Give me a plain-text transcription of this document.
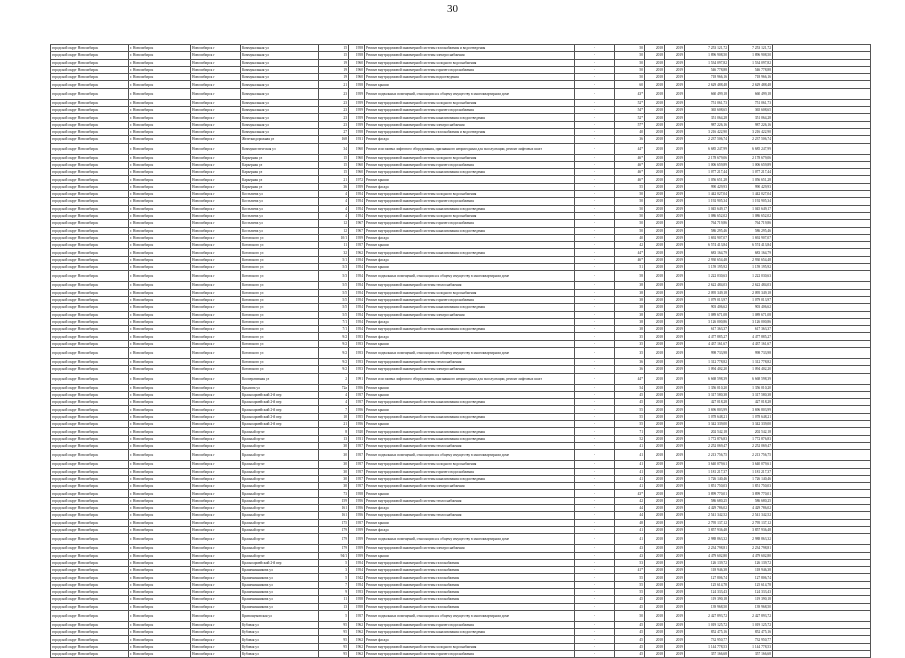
30
городской округ Новосибирск	г. Новосибирск	Новосибирск г	Коммунальная ул	15	1958	Ремонт внутридомовой инженерной системы газоснабжения и водоотведения	-	50	2018	2019	7 253 121,72	7 253 121,72	
городской округ Новосибирск	г. Новосибирск	Новосибирск г	Коммунальная ул	15	1958	Ремонт внутридомовой инженерной системы электроснабжения	-	50	2018	2019	1 896 908,50	1 896 908,50	
городской округ Новосибирск	г. Новосибирск	Новосибирск г	Коммунальная ул	19	1960	Ремонт внутридомовой инженерной системы холодного водоснабжения	-	50	2018	2019	1 534 097,82	1 534 097,82	
городской округ Новосибирск	г. Новосибирск	Новосибирск г	Коммунальная ул	19	1960	Ремонт внутридомовой инженерной системы горячего водоснабжения	-	50	2018	2019	546 778,88	546 778,88	
городской округ Новосибирск	г. Новосибирск	Новосибирск г	Коммунальная ул	19	1960	Ремонт внутридомовой инженерной системы водоотведения	-	50	2018	2019	718 966,16	718 966,16	
городской округ Новосибирск	г. Новосибирск	Новосибирск г	Коммунальная ул	21	1958	Ремонт крыши	-	60	2018	2019	2 629 488,48	2 629 488,48	
городской округ Новосибирск	г. Новосибирск	Новосибирск г	Коммунальная ул	23	1959	Ремонт подвальных помещений, относящихся к общему имуществу в многоквартирном доме	-	43*	2018	2019	660 499,18	660 499,18	
городской округ Новосибирск	г. Новосибирск	Новосибирск г	Коммунальная ул	23	1959	Ремонт внутридомовой инженерной системы холодного водоснабжения	-	52*	2018	2019	751 061,73	751 061,73	
городской округ Новосибирск	г. Новосибирск	Новосибирск г	Коммунальная ул	23	1959	Ремонт внутридомовой инженерной системы горячего водоснабжения	-	54*	2018	2019	365 608,65	365 608,65	
городской округ Новосибирск	г. Новосибирск	Новосибирск г	Коммунальная ул	23	1959	Ремонт внутридомовой инженерной системы канализования и водоотведения	-	52*	2018	2019	351 064,28	351 064,28	
городской округ Новосибирск	г. Новосибирск	Новосибирск г	Коммунальная ул	23	1959	Ремонт внутридомовой инженерной системы электроснабжения	-	57*	2018	2019	987 226,16	987 226,16	
городской округ Новосибирск	г. Новосибирск	Новосибирск г	Коммунальная ул	27	1958	Ремонт внутридомовой инженерной системы газоснабжения и водоотведения	-	40	2018	2019	3 216 422,90	3 216 422,90	
городской округ Новосибирск	г. Новосибирск	Новосибирск г	Железнодорожная ул	168	1931	Ремонт фасада	-	36	2018	2019	2 237 506,74	2 237 506,74	
городской округ Новосибирск	г. Новосибирск	Новосибирск г	Коммунистическая ул	34	1960	Ремонт или замена лифтового оборудования, признанного непригодным для эксплуатации, ремонт лифтовых шахт	-	44*	2018	2019	6 685 247,99	6 685 247,99	
городской округ Новосибирск	г. Новосибирск	Новосибирск г	Карьерная ул	15	1960	Ремонт внутридомовой инженерной системы холодного водоснабжения	-	46*	2018	2019	2 178 679,06	2 178 679,06	
городской округ Новосибирск	г. Новосибирск	Новосибирск г	Карьерная ул	15	1960	Ремонт внутридомовой инженерной системы горячего водоснабжения	-	46*	2018	2019	1 006 659,89	1 006 659,89	
городской округ Новосибирск	г. Новосибирск	Новосибирск г	Карьерная ул	15	1960	Ремонт внутридомовой инженерной системы канализования и водоотведения	-	46*	2018	2019	1 077 217,44	1 077 217,44	
городской округ Новосибирск	г. Новосибирск	Новосибирск г	Карьерная ул	21	1972	Ремонт крыши	-	46*	2018	2019	1 056 651,28	1 056 651,28	
городской округ Новосибирск	г. Новосибирск	Новосибирск г	Карьерная ул	36	1959	Ремонт фасада	-	55	2018	2019	990 429,93	990 429,93	
городской округ Новосибирск	г. Новосибирск	Новосибирск г	Костычева ул	4	1954	Ремонт внутридомовой инженерной системы холодного водоснабжения	-	50	2018	2019	1 442 027,04	1 442 027,04	
городской округ Новосибирск	г. Новосибирск	Новосибирск г	Костычева ул	4	1954	Ремонт внутридомовой инженерной системы горячего водоснабжения	-	50	2018	2019	1 192 905,34	1 192 905,34	
городской округ Новосибирск	г. Новосибирск	Новосибирск г	Костычева ул	4	1954	Ремонт внутридомовой инженерной системы канализования и водоотведения	-	50	2018	2019	1 045 649,17	1 045 649,17	
городской округ Новосибирск	г. Новосибирск	Новосибирск г	Костычева ул	4	1954	Ремонт внутридомовой инженерной системы холодного водоснабжения	-	50	2018	2019	1 086 652,02	1 086 652,02	
городской округ Новосибирск	г. Новосибирск	Новосибирск г	Костычева ул	12	1967	Ремонт внутридомовой инженерной системы горячего водоснабжения	-	50	2018	2019	764 719,86	764 719,86	
городской округ Новосибирск	г. Новосибирск	Новосибирск г	Костычева ул	12	1967	Ремонт внутридомовой инженерной системы канализования и водоотведения	-	50	2018	2019	586 295,46	586 295,46	
городской округ Новосибирск	г. Новосибирск	Новосибирск г	Котовского ул	10/1	1959	Ремонт фасада	-	40	2018	2019	1 692 907,07	1 692 907,07	
городской округ Новосибирск	г. Новосибирск	Новосибирск г	Котовского ул	11	1957	Ремонт крыши	-	42	2018	2019	6 574 413,84	6 574 413,84	
городской округ Новосибирск	г. Новосибирск	Новосибирск г	Котовского ул	32	1962	Ремонт внутридомовой инженерной системы канализования и водоотведения	-	44*	2018	2019	683 164,79	683 164,79	
городской округ Новосибирск	г. Новосибирск	Новосибирск г	Котовского ул	5/1	1954	Ремонт фасада	-	46*	2018	2019	2 930 654,48	2 930 654,48	
городской округ Новосибирск	г. Новосибирск	Новосибирск г	Котовского ул	5/3	1954	Ремонт крыши	-	51	2018	2019	1 159 195,92	1 159 195,92	
городской округ Новосибирск	г. Новосибирск	Новосибирск г	Котовского ул	5/3	1954	Ремонт подвальных помещений, относящихся к общему имуществу в многоквартирном доме	-	58	2018	2019	1 222 030,63	1 222 030,63	
городской округ Новосибирск	г. Новосибирск	Новосибирск г	Котовского ул	5/5	1954	Ремонт внутридомовой инженерной системы теплоснабжения	-	38	2018	2019	2 622 484,03	2 622 484,03	
городской округ Новосибирск	г. Новосибирск	Новосибирск г	Котовского ул	5/5	1954	Ремонт внутридомовой инженерной системы холодного водоснабжения	-	38	2018	2019	2 095 349,18	2 095 349,18	
городской округ Новосибирск	г. Новосибирск	Новосибирск г	Котовского ул	5/5	1954	Ремонт внутридомовой инженерной системы горячего водоснабжения	-	38	2018	2019	1 079 013,97	1 079 013,97	
городской округ Новосибирск	г. Новосибирск	Новосибирск г	Котовского ул	5/5	1954	Ремонт внутридомовой инженерной системы канализования и водоотведения	-	38	2018	2019	903 406,62	903 406,62	
городской округ Новосибирск	г. Новосибирск	Новосибирск г	Котовского ул	5/5	1954	Ремонт внутридомовой инженерной системы электроснабжения	-	38	2018	2019	1 089 671,08	1 089 671,08	
городской округ Новосибирск	г. Новосибирск	Новосибирск г	Котовского ул	7/1	1954	Ремонт фасада	-	38	2018	2019	3 126 000,86	3 126 000,86	
городской округ Новосибирск	г. Новосибирск	Новосибирск г	Котовского ул	7/1	1954	Ремонт внутридомовой инженерной системы канализования и водоотведения	-	38	2018	2019	617 363,37	617 363,37	
городской округ Новосибирск	г. Новосибирск	Новосибирск г	Котовского ул	9/2	1953	Ремонт фасада	-	35	2018	2019	4 477 885,27	4 477 885,27	
городской округ Новосибирск	г. Новосибирск	Новосибирск г	Котовского ул	9/2	1953	Ремонт крыши	-	35	2018	2019	4 437 161,67	4 437 161,67	
городской округ Новосибирск	г. Новосибирск	Новосибирск г	Котовского ул	9/2	1953	Ремонт подвальных помещений, относящихся к общему имуществу в многоквартирном доме	-	35	2018	2019	998 733,98	998 733,98	
городской округ Новосибирск	г. Новосибирск	Новосибирск г	Котовского ул	9/2	1953	Ремонт внутридомовой инженерной системы теплоснабжения	-	36	2018	2019	1 312 778,82	1 312 778,82	
городской округ Новосибирск	г. Новосибирск	Новосибирск г	Котовского ул	9/2	1953	Ремонт внутридомовой инженерной системы электроснабжения	-	36	2018	2019	1 094 402,20	1 094 402,20	
городской округ Новосибирск	г. Новосибирск	Новосибирск г	Кооперативная ул	2	1991	Ремонт или замена лифтового оборудования, признанного непригодным для эксплуатации, ремонт лифтовых шахт	-	44*	2018	2019	6 668 598,39	6 668 598,39	
городской округ Новосибирск	г. Новосибирск	Новосибирск г	Крылова ул	72а	1956	Ремонт крыши	-	54	2018	2019	1 356 010,20	1 356 010,20	
городской округ Новосибирск	г. Новосибирск	Новосибирск г	Красноармейский 2-й пер	4	1957	Ремонт крыши	-	45	2018	2019	3 317 580,38	3 317 580,38	
городской округ Новосибирск	г. Новосибирск	Новосибирск г	Красноармейский 2-й пер	4	1957	Ремонт внутридомовой инженерной системы канализования и водоотведения	-	45	2018	2019	427 018,28	427 018,28	
городской округ Новосибирск	г. Новосибирск	Новосибирск г	Красноармейский 2-й пер	7	1956	Ремонт крыши	-	55	2018	2019	3 696 803,99	3 696 803,99	
городской округ Новосибирск	г. Новосибирск	Новосибирск г	Красноармейский 2-й пер	10	1955	Ремонт внутридомовой инженерной системы канализования и водоотведения	-	55	2018	2019	1 078 648,21	1 078 648,21	
городской округ Новосибирск	г. Новосибирск	Новосибирск г	Красноармейский 2-й пер	21	1956	Ремонт крыши	-	55	2018	2019	3 342 339,00	3 342 339,00	
городской округ Новосибирск	г. Новосибирск	Новосибирск г	Красный пр-кт	8	1920	Ремонт внутридомовой инженерной системы канализования и водоотведения	-	71	2018	2019	202 542,18	202 542,18	
городской округ Новосибирск	г. Новосибирск	Новосибирск г	Красный пр-кт	13	1931	Ремонт внутридомовой инженерной системы канализования и водоотведения	-	52	2018	2019	1 772 876,83	1 772 876,83	
городской округ Новосибирск	г. Новосибирск	Новосибирск г	Красный пр-кт	30	1957	Ремонт внутридомовой инженерной системы теплоснабжения	-	41	2018	2019	2 252 069,47	2 252 069,47	
городской округ Новосибирск	г. Новосибирск	Новосибирск г	Красный пр-кт	30	1957	Ремонт подвальных помещений, относящихся к общему имуществу в многоквартирном доме	-	41	2018	2019	2 213 756,75	2 213 756,75	
городской округ Новосибирск	г. Новосибирск	Новосибирск г	Красный пр-кт	30	1957	Ремонт внутридомовой инженерной системы холодного водоснабжения	-	41	2018	2019	3 640 079,61	3 640 079,61	
городской округ Новосибирск	г. Новосибирск	Новосибирск г	Красный пр-кт	30	1957	Ремонт внутридомовой инженерной системы горячего водоснабжения	-	41	2018	2019	1 181 217,37	1 181 217,37	
городской округ Новосибирск	г. Новосибирск	Новосибирск г	Красный пр-кт	30	1957	Ремонт внутридомовой инженерной системы канализования и водоотведения	-	41	2018	2019	1 726 140,46	1 726 140,46	
городской округ Новосибирск	г. Новосибирск	Новосибирск г	Красный пр-кт	30	1957	Ремонт внутридомовой инженерной системы электроснабжения	-	41	2018	2019	1 851 750,03	1 851 750,03	
городской округ Новосибирск	г. Новосибирск	Новосибирск г	Красный пр-кт	73	1958	Ремонт крыши	-	43*	2018	2019	3 899 770,01	3 899 770,01	
городской округ Новосибирск	г. Новосибирск	Новосибирск г	Красный пр-кт	159	1956	Ремонт внутридомовой инженерной системы теплоснабжения	-	42	2018	2019	586 680,25	586 680,25	
городской округ Новосибирск	г. Новосибирск	Новосибирск г	Красный пр-кт	161	1956	Ремонт фасада	-	44	2018	2019	4 429 786,02	4 429 786,02	
городской округ Новосибирск	г. Новосибирск	Новосибирск г	Красный пр-кт	161	1956	Ремонт внутридомовой инженерной системы теплоснабжения	-	44	2018	2019	2 541 342,52	2 541 342,52	
городской округ Новосибирск	г. Новосибирск	Новосибирск г	Красный пр-кт	175	1957	Ремонт крыши	-	48	2018	2019	2 795 137,12	2 795 137,12	
городской округ Новосибирск	г. Новосибирск	Новосибирск г	Красный пр-кт	179	1959	Ремонт фасада	-	41	2018	2019	3 857 936,48	3 857 936,48	
городской округ Новосибирск	г. Новосибирск	Новосибирск г	Красный пр-кт	179	1959	Ремонт подвальных помещений, относящихся к общему имуществу в многоквартирном доме	-	41	2018	2019	2 988 863,32	2 988 863,32	
городской округ Новосибирск	г. Новосибирск	Новосибирск г	Красный пр-кт	179	1959	Ремонт внутридомовой инженерной системы электроснабжения	-	43	2018	2019	2 234 798,81	2 234 798,81	
городской округ Новосибирск	г. Новосибирск	Новосибирск г	Красный пр-кт	94/1	1959	Ремонт крыши	-	43	2018	2019	4 479 602,80	4 479 602,80	
городской округ Новосибирск	г. Новосибирск	Новосибирск г	Красноармейский 2-й пер	5	1954	Ремонт внутридомовой инженерной системы газоснабжения	-	53	2018	2019	126 139,72	126 139,72	
городской округ Новосибирск	г. Новосибирск	Новосибирск г	Крашенинникова ул	3	1954	Ремонт внутридомовой инженерной системы газоснабжения	-	41*	2018	2019	118 946,38	118 946,38	
городской округ Новосибирск	г. Новосибирск	Новосибирск г	Крашенинникова ул	5	1942	Ремонт внутридомовой инженерной системы газоснабжения	-	55	2018	2019	127 806,74	127 806,74	
городской округ Новосибирск	г. Новосибирск	Новосибирск г	Крашенинникова ул	7	1954	Ремонт внутридомовой инженерной системы газоснабжения	-	55	2018	2019	125 614,78	125 614,78	
городской округ Новосибирск	г. Новосибирск	Новосибирск г	Крашенинникова ул	9	1953	Ремонт внутридомовой инженерной системы газоснабжения	-	55	2018	2019	124 333,43	124 333,43	
городской округ Новосибирск	г. Новосибирск	Новосибирск г	Крашенинникова ул	11	1958	Ремонт внутридомовой инженерной системы газоснабжения	-	45	2018	2019	119 390,18	119 390,18	
городской округ Новосибирск	г. Новосибирск	Новосибирск г	Крашенинникова ул	13	1958	Ремонт внутридомовой инженерной системы газоснабжения	-	45	2018	2019	139 968,50	139 968,50	
городской округ Новосибирск	г. Новосибирск	Новосибирск г	Кривощековская ул	5	1957	Ремонт подвальных помещений, относящихся к общему имуществу в многоквартирном доме	-	50	2018	2019	2 427 893,72	2 427 893,72	
городской округ Новосибирск	г. Новосибирск	Новосибирск г	Кубовая ул	95	1962	Ремонт внутридомовой инженерной системы горячего водоснабжения	-	45	2018	2019	1 019 125,72	1 019 125,72	
городской округ Новосибирск	г. Новосибирск	Новосибирск г	Кубовая ул	95	1962	Ремонт внутридомовой инженерной системы канализования и водоотведения	-	45	2018	2019	852 475,16	852 475,16	
городской округ Новосибирск	г. Новосибирск	Новосибирск г	Кубовая ул	95	1962	Ремонт фасада	-	45	2018	2019	732 950,77	732 950,77	
городской округ Новосибирск	г. Новосибирск	Новосибирск г	Кубовая ул	95	1962	Ремонт внутридомовой инженерной системы холодного водоснабжения	-	45	2018	2019	1 144 778,53	1 144 778,53	
городской округ Новосибирск	г. Новосибирск	Новосибирск г	Кубовая ул	95	1962	Ремонт внутридомовой инженерной системы горячего водоснабжения	-	45	2018	2019	357 166,68	357 166,68	
